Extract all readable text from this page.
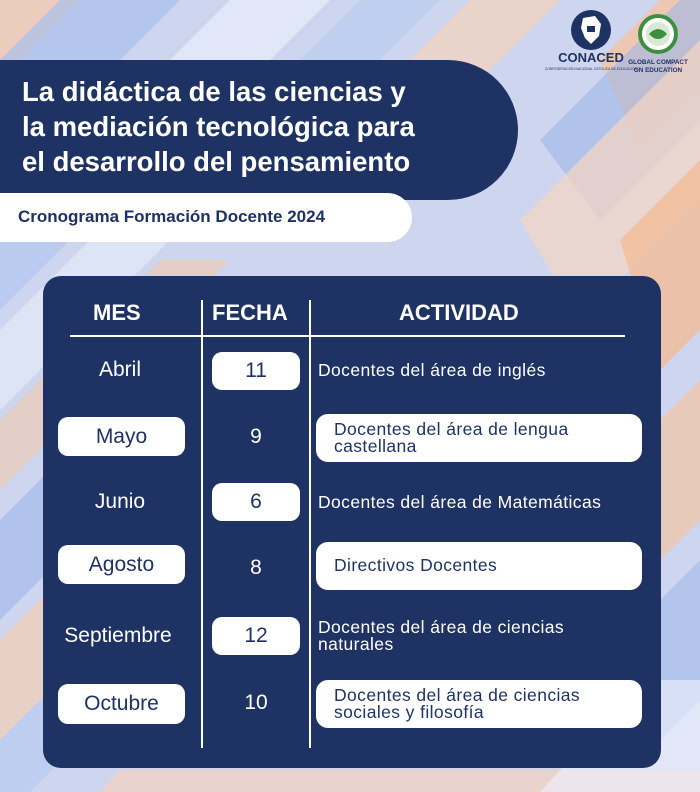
CONACED
CONFEDERACIÓN NACIONAL CATÓLICA DE EDUCACIÓN
GLOBAL COMPACT
ON EDUCATION
La didáctica de las ciencias y
la mediación tecnológica para
el desarrollo del pensamiento
Cronograma Formación Docente 2024
MES	FECHA	ACTIVIDAD
Abril	11	Docentes del área de inglés
Mayo	9	Docentes del área de lengua
castellana
Junio	6	Docentes del área de Matemáticas
Agosto	8	Directivos Docentes
Septiembre	12	Docentes del área de ciencias
naturales
Octubre	10	Docentes del área de ciencias
sociales y filosofía
